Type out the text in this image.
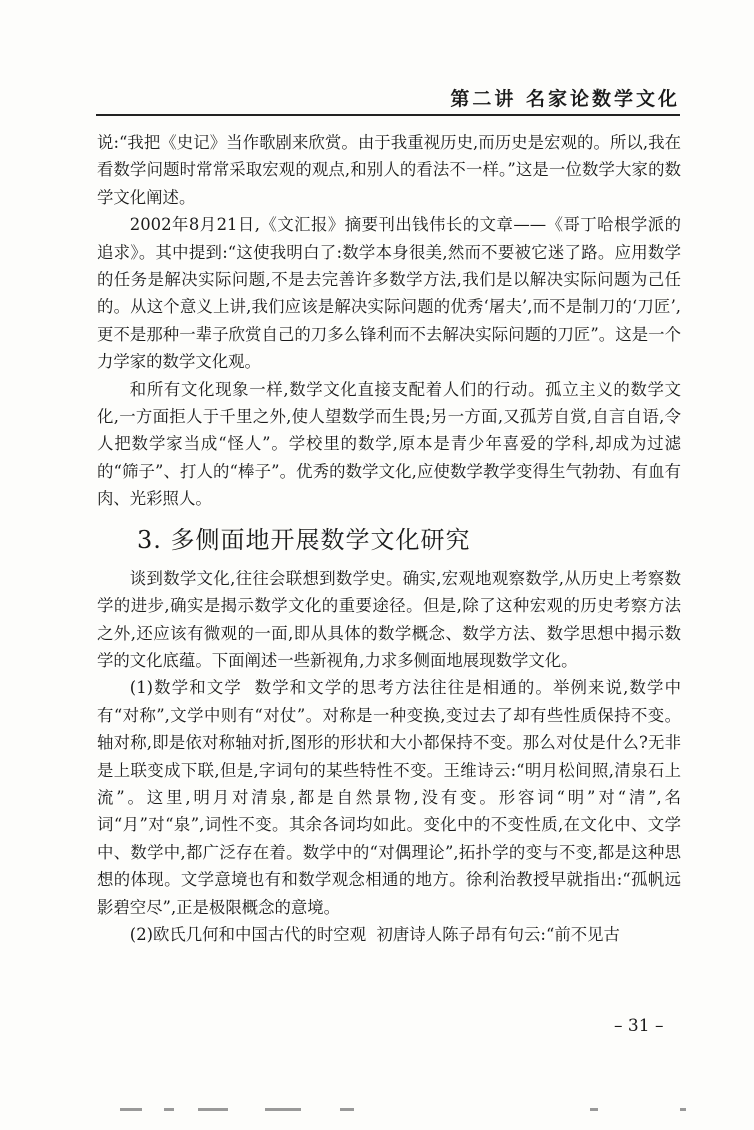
第二讲 名家论数学文化

说:“我把《史记》当作歌剧来欣赏。由于我重视历史,而历史是宏观的。所以,我在看数学问题时常常采取宏观的观点,和别人的看法不一样。”这是一位数学大家的数学文化阐述。

2002年8月21日,《文汇报》摘要刊出钱伟长的文章——《哥丁哈根学派的追求》。其中提到:“这使我明白了:数学本身很美,然而不要被它迷了路。应用数学的任务是解决实际问题,不是去完善许多数学方法,我们是以解决实际问题为己任的。从这个意义上讲,我们应该是解决实际问题的优秀‘屠夫’,而不是制刀的‘刀匠’,更不是那种一辈子欣赏自己的刀多么锋利而不去解决实际问题的刀匠”。这是一个力学家的数学文化观。

和所有文化现象一样,数学文化直接支配着人们的行动。孤立主义的数学文化,一方面拒人于千里之外,使人望数学而生畏;另一方面,又孤芳自赏,自言自语,令人把数学家当成“怪人”。学校里的数学,原本是青少年喜爱的学科,却成为过滤的“筛子”、打人的“棒子”。优秀的数学文化,应使数学教学变得生气勃勃、有血有肉、光彩照人。

3. 多侧面地开展数学文化研究

谈到数学文化,往往会联想到数学史。确实,宏观地观察数学,从历史上考察数学的进步,确实是揭示数学文化的重要途径。但是,除了这种宏观的历史考察方法之外,还应该有微观的一面,即从具体的数学概念、数学方法、数学思想中揭示数学的文化底蕴。下面阐述一些新视角,力求多侧面地展现数学文化。

(1)数学和文学  数学和文学的思考方法往往是相通的。举例来说,数学中有“对称”,文学中则有“对仗”。对称是一种变换,变过去了却有些性质保持不变。轴对称,即是依对称轴对折,图形的形状和大小都保持不变。那么对仗是什么?无非是上联变成下联,但是,字词句的某些特性不变。王维诗云:“明月松间照,清泉石上流”。这里,明月对清泉,都是自然景物,没有变。形容词“明”对“清”,名词“月”对“泉”,词性不变。其余各词均如此。变化中的不变性质,在文化中、文学中、数学中,都广泛存在着。数学中的“对偶理论”,拓扑学的变与不变,都是这种思想的体现。文学意境也有和数学观念相通的地方。徐利治教授早就指出:“孤帆远影碧空尽”,正是极限概念的意境。

(2)欧氏几何和中国古代的时空观  初唐诗人陈子昂有句云:“前不见古

– 31 –
